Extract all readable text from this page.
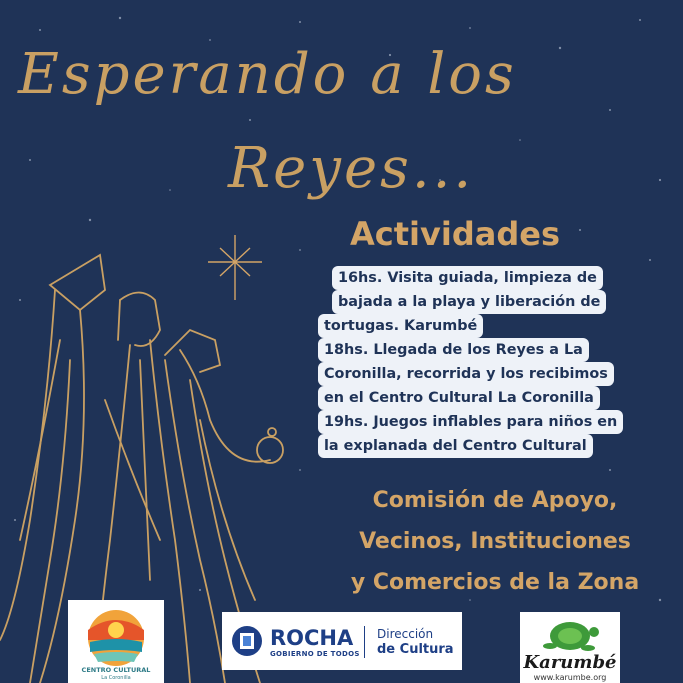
Esperando a los
Reyes...
Actividades
16hs. Visita guiada, limpieza de
bajada a la playa y liberación de
tortugas. Karumbé
18hs. Llegada de los Reyes a La
Coronilla, recorrida y los recibimos
en el Centro Cultural La Coronilla
19hs. Juegos inflables para niños en
la explanada del Centro Cultural
Comisión de Apoyo,
Vecinos, Instituciones
y Comercios de la Zona
CENTRO CULTURAL
La Coronilla
ROCHA
GOBIERNO DE TODOS
Dirección
de Cultura
Karumbé
www.karumbe.org
